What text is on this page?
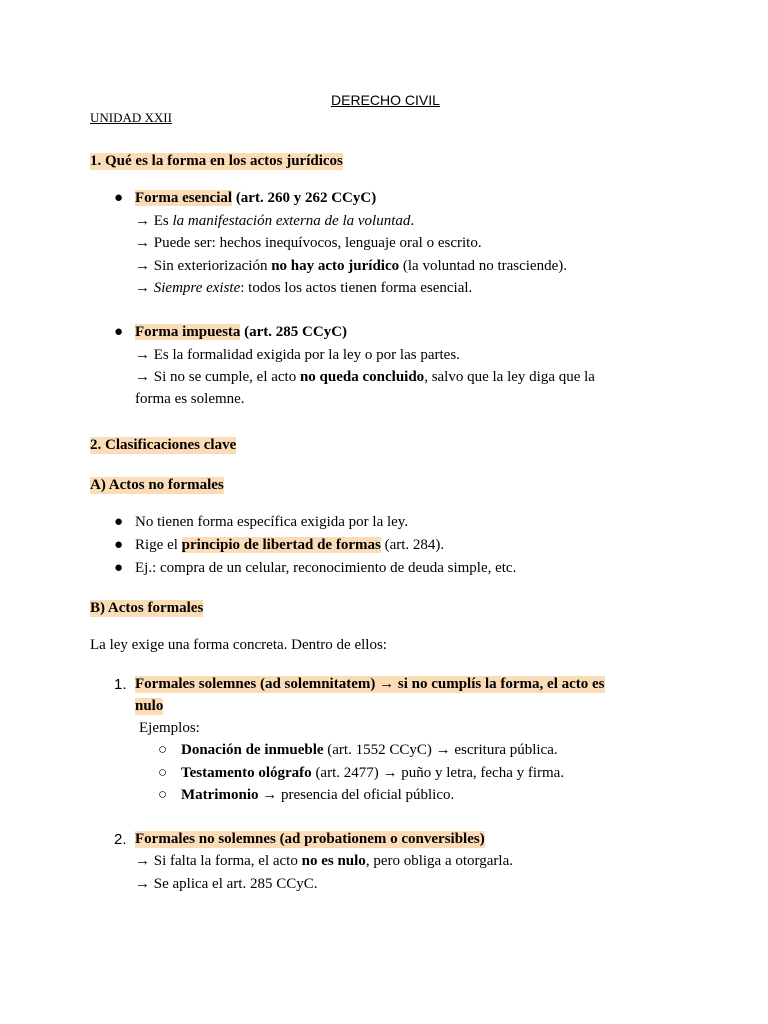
DERECHO CIVIL
UNIDAD XXII
1. Qué es la forma en los actos jurídicos
● Forma esencial (art. 260 y 262 CCyC)
→ Es la manifestación externa de la voluntad.
→ Puede ser: hechos inequívocos, lenguaje oral o escrito.
→ Sin exteriorización no hay acto jurídico (la voluntad no trasciende).
→ Siempre existe: todos los actos tienen forma esencial.
● Forma impuesta (art. 285 CCyC)
→ Es la formalidad exigida por la ley o por las partes.
→ Si no se cumple, el acto no queda concluido, salvo que la ley diga que la
forma es solemne.
2. Clasificaciones clave
A) Actos no formales
● No tienen forma específica exigida por la ley.
● Rige el principio de libertad de formas (art. 284).
● Ej.: compra de un celular, reconocimiento de deuda simple, etc.
B) Actos formales
La ley exige una forma concreta. Dentro de ellos:
1. Formales solemnes (ad solemnitatem) → si no cumplís la forma, el acto es
nulo
Ejemplos:
○ Donación de inmueble (art. 1552 CCyC) → escritura pública.
○ Testamento ológrafo (art. 2477) → puño y letra, fecha y firma.
○ Matrimonio → presencia del oficial público.
2. Formales no solemnes (ad probationem o conversibles)
→ Si falta la forma, el acto no es nulo, pero obliga a otorgarla.
→ Se aplica el art. 285 CCyC.
